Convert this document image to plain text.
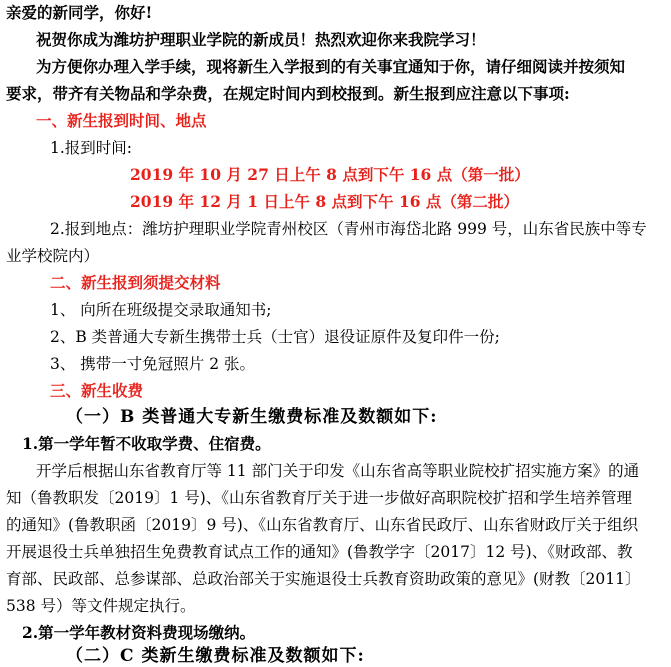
亲爱的新同学，你好!
祝贺你成为潍坊护理职业学院的新成员！热烈欢迎你来我院学习！
为方便你办理入学手续，现将新生入学报到的有关事宜通知于你，请仔细阅读并按须知
要求，带齐有关物品和学杂费，在规定时间内到校报到。新生报到应注意以下事项:
一、新生报到时间、地点
1.报到时间:
2019 年 10 月 27 日上午 8 点到下午 16 点（第一批）
2019 年 12 月 1 日上午 8 点到下午 16 点（第二批）
2.报到地点：潍坊护理职业学院青州校区（青州市海岱北路 999 号，山东省民族中等专
业学校院内）
二、新生报到须提交材料
1、 向所在班级提交录取通知书;
2、B 类普通大专新生携带士兵（士官）退役证原件及复印件一份;
3、 携带一寸免冠照片 2 张。
三、新生收费
（一）B 类普通大专新生缴费标准及数额如下:
1.第一学年暂不收取学费、住宿费。
开学后根据山东省教育厅等 11 部门关于印发《山东省高等职业院校扩招实施方案》的通
知（鲁教职发〔2019〕1 号)、《山东省教育厅关于进一步做好高职院校扩招和学生培养管理
的通知》(鲁教职函〔2019〕9 号)、《山东省教育厅、山东省民政厅、山东省财政厅关于组织
开展退役士兵单独招生免费教育试点工作的通知》(鲁教学字〔2017〕12 号)、《财政部、教
育部、民政部、总参谋部、总政治部关于实施退役士兵教育资助政策的意见》(财教〔2011〕
538 号）等文件规定执行。
2.第一学年教材资料费现场缴纳。
（二）C 类新生缴费标准及数额如下:
